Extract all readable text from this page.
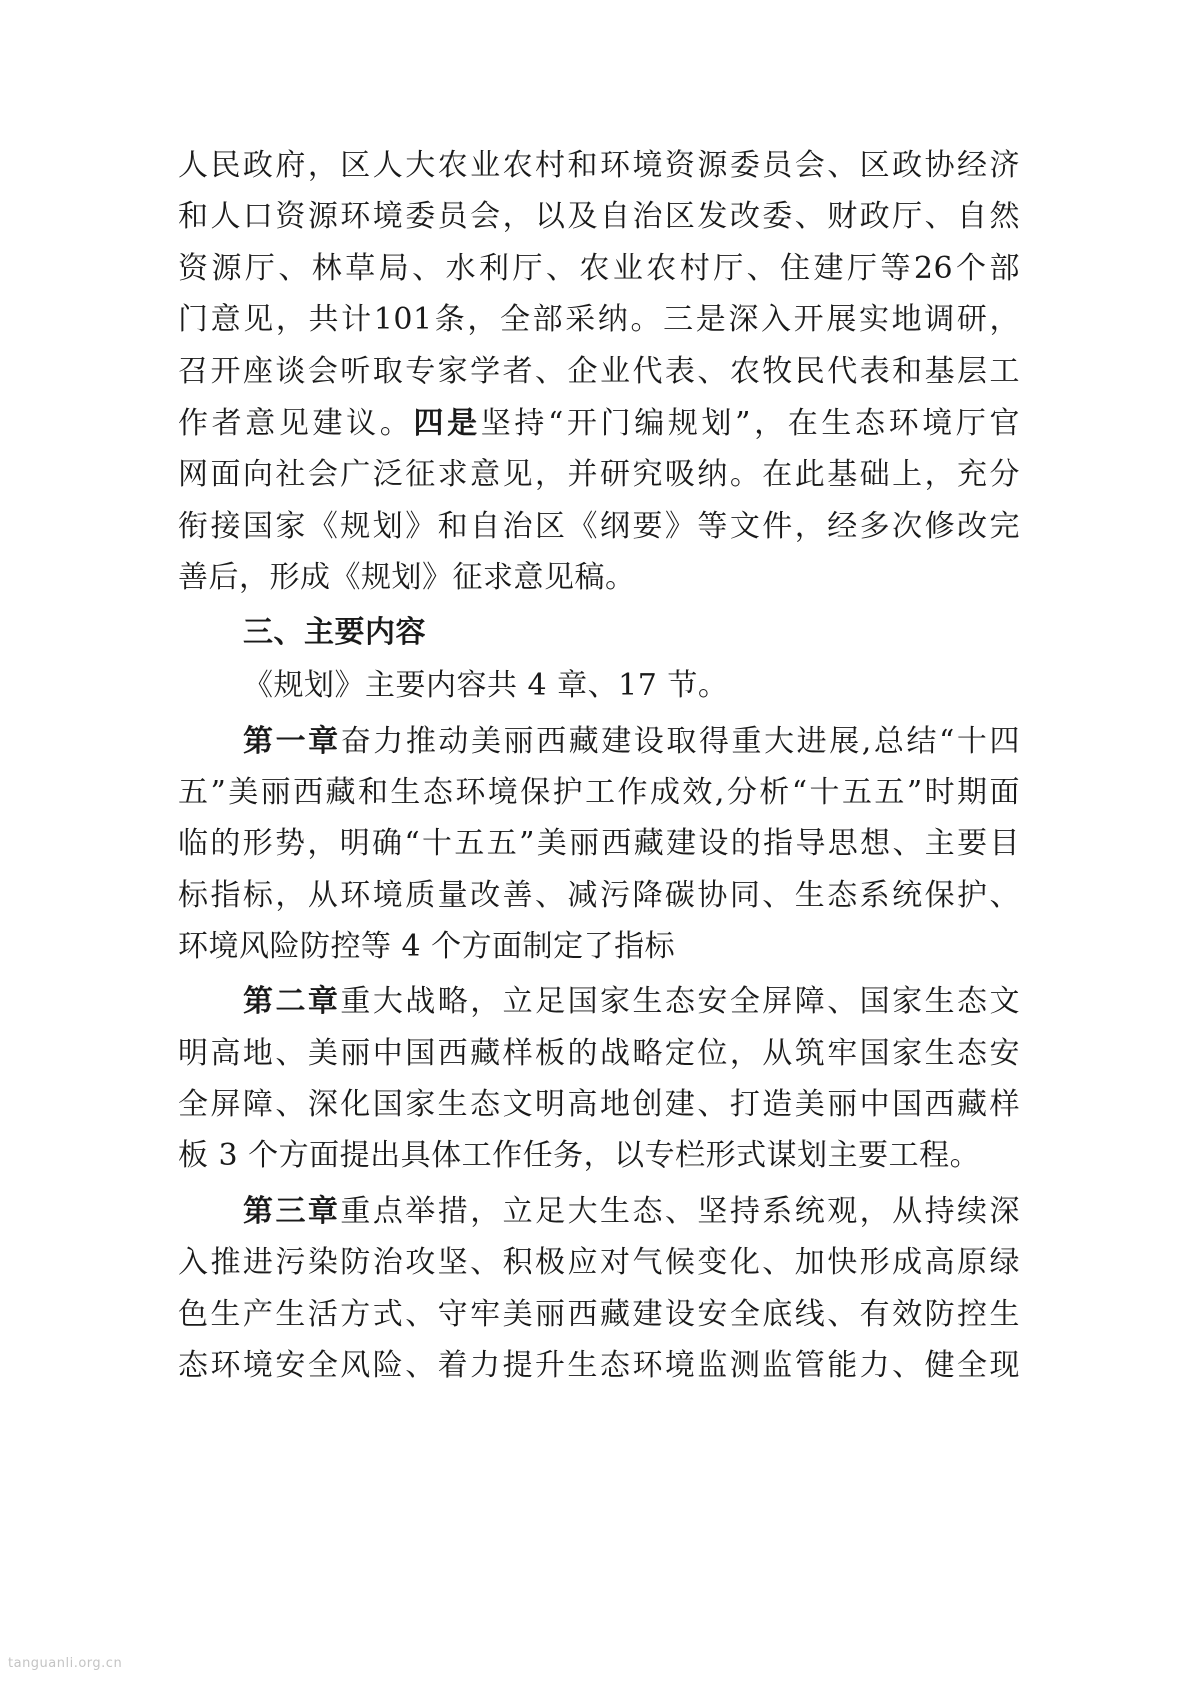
人民政府，区人大农业农村和环境资源委员会、区政协经济
和人口资源环境委员会，以及自治区发改委、财政厅、自然
资源厅、林草局、水利厅、农业农村厅、住建厅等26个部
门意见，共计101条，全部采纳。三是深入开展实地调研，
召开座谈会听取专家学者、企业代表、农牧民代表和基层工
作者意见建议。四是坚持“开门编规划”，在生态环境厅官
网面向社会广泛征求意见，并研究吸纳。在此基础上，充分
衔接国家《规划》和自治区《纲要》等文件，经多次修改完
善后，形成《规划》征求意见稿。
三、主要内容
《规划》主要内容共 4 章、17 节。
第一章奋力推动美丽西藏建设取得重大进展,总结“十四
五”美丽西藏和生态环境保护工作成效,分析“十五五”时期面
临的形势，明确“十五五”美丽西藏建设的指导思想、主要目
标指标，从环境质量改善、减污降碳协同、生态系统保护、
环境风险防控等 4 个方面制定了指标
第二章重大战略，立足国家生态安全屏障、国家生态文
明高地、美丽中国西藏样板的战略定位，从筑牢国家生态安
全屏障、深化国家生态文明高地创建、打造美丽中国西藏样
板 3 个方面提出具体工作任务，以专栏形式谋划主要工程。
第三章重点举措，立足大生态、坚持系统观，从持续深
入推进污染防治攻坚、积极应对气候变化、加快形成高原绿
色生产生活方式、守牢美丽西藏建设安全底线、有效防控生
态环境安全风险、着力提升生态环境监测监管能力、健全现
tanguanli.org.cn
